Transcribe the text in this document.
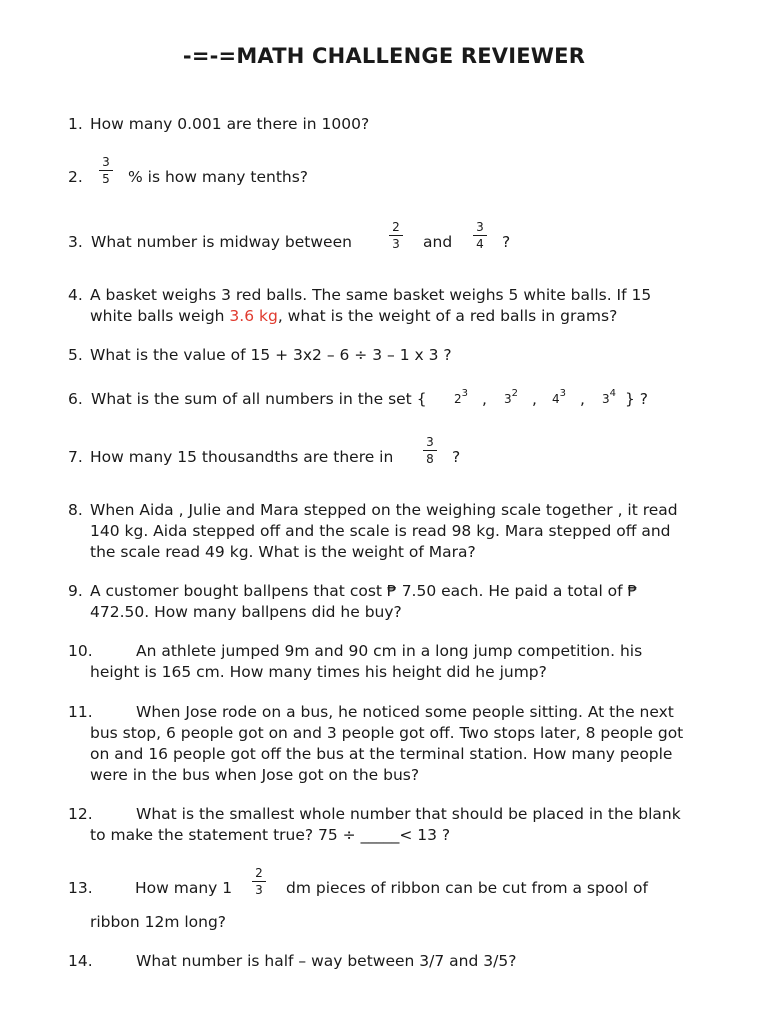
-=-=MATH CHALLENGE REVIEWER
1. How many 0.001 are there in 1000?
2.
3
5 % is how many tenths?
3. What number is midway between
2
3 and
3
4 ?
4. A basket weighs 3 red balls. The same basket weighs 5 white balls. If 15
white balls weigh 3.6 kg, what is the weight of a red balls in grams?
5. What is the value of 15 + 3x2 – 6 ÷ 3 – 1 x 3 ?
6. What is the sum of all numbers in the set { $2^3$ , $3^2$ , $4^3$ , $3^4$ } ?
7. How many 15 thousandths are there in
3
8 ?
8. When Aida , Julie and Mara stepped on the weighing scale together , it read
140 kg. Aida stepped off and the scale is read 98 kg. Mara stepped off and
the scale read 49 kg. What is the weight of Mara?
9. A customer bought ballpens that cost ₱ 7.50 each. He paid a total of ₱
472.50. How many ballpens did he buy?
10.	An athlete jumped 9m and 90 cm in a long jump competition. his
height is 165 cm. How many times his height did he jump?
11.	When Jose rode on a bus, he noticed some people sitting. At the next
bus stop, 6 people got on and 3 people got off. Two stops later, 8 people got
on and 16 people got off the bus at the terminal station. How many people
were in the bus when Jose got on the bus?
12.	What is the smallest whole number that should be placed in the blank
to make the statement true? 75 ÷ _____< 13 ?
13.	How many 1
2
3 dm pieces of ribbon can be cut from a spool of
ribbon 12m long?
14.	What number is half – way between 3/7 and 3/5?
